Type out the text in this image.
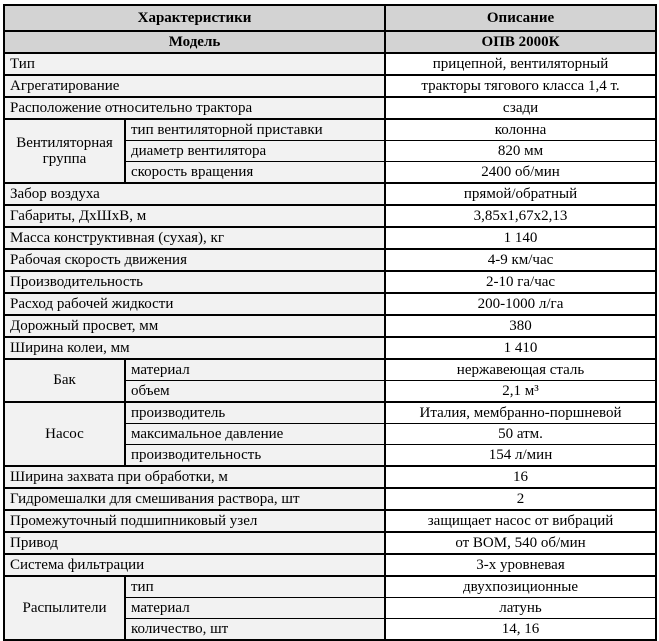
Характеристики		Описание
Модель		ОПВ 2000К
Тип		прицепной, вентиляторный
Агрегатирование		тракторы тягового класса 1,4 т.
Расположение относительно трактора		сзади
Вентиляторная группа	тип вентиляторной приставки	колонна
	диаметр вентилятора	820 мм
	скорость вращения	2400 об/мин
Забор воздуха		прямой/обратный
Габариты, ДхШхВ, м		3,85х1,67х2,13
Масса конструктивная (сухая), кг		1 140
Рабочая скорость движения		4-9 км/час
Производительность		2-10 га/час
Расход рабочей жидкости		200-1000 л/га
Дорожный просвет, мм		380
Ширина колеи, мм		1 410
Бак	материал	нержавеющая сталь
	объем	2,1 м³
Насос	производитель	Италия, мембранно-поршневой
	максимальное давление	50 атм.
	производительность	154 л/мин
Ширина захвата при обработки, м		16
Гидромешалки для смешивания раствора, шт		2
Промежуточный подшипниковый узел		защищает насос от вибраций
Привод		от ВОМ, 540 об/мин
Система фильтрации		3-х уровневая
Распылители	тип	двухпозиционные
	материал	латунь
	количество, шт	14, 16
